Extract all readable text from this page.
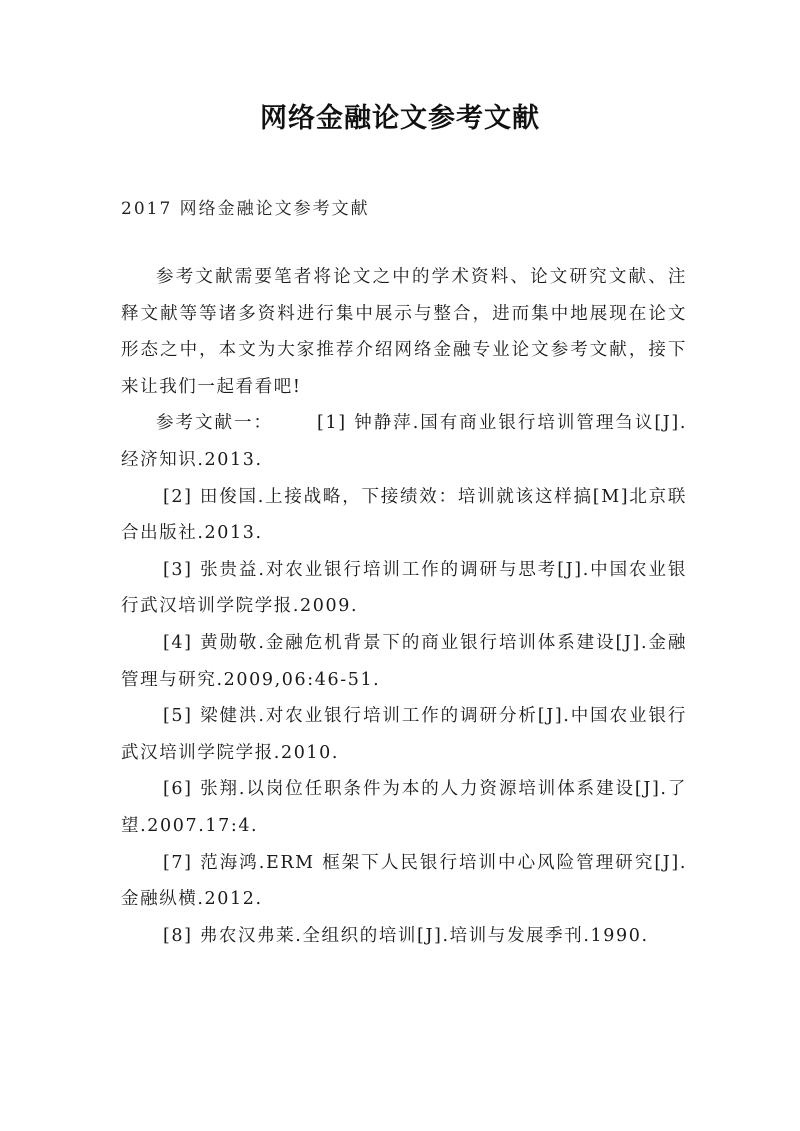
网络金融论文参考文献
2017 网络金融论文参考文献

参考文献需要笔者将论文之中的学术资料、论文研究文献、注释文献等等诸多资料进行集中展示与整合，进而集中地展现在论文形态之中，本文为大家推荐介绍网络金融专业论文参考文献，接下来让我们一起看看吧!

参考文献一：	[1] 钟静萍.国有商业银行培训管理刍议[J].经济知识.2013.

[2] 田俊国.上接战略，下接绩效：培训就该这样搞[M]北京联合出版社.2013.

[3] 张贵益.对农业银行培训工作的调研与思考[J].中国农业银行武汉培训学院学报.2009.

[4] 黄勋敬.金融危机背景下的商业银行培训体系建设[J].金融管理与研究.2009,06:46-51.

[5] 梁健洪.对农业银行培训工作的调研分析[J].中国农业银行武汉培训学院学报.2010.

[6] 张翔.以岗位任职条件为本的人力资源培训体系建设[J].了望.2007.17:4.

[7] 范海鸿.ERM 框架下人民银行培训中心风险管理研究[J].金融纵横.2012.

[8] 弗农汉弗莱.全组织的培训[J].培训与发展季刊.1990.
